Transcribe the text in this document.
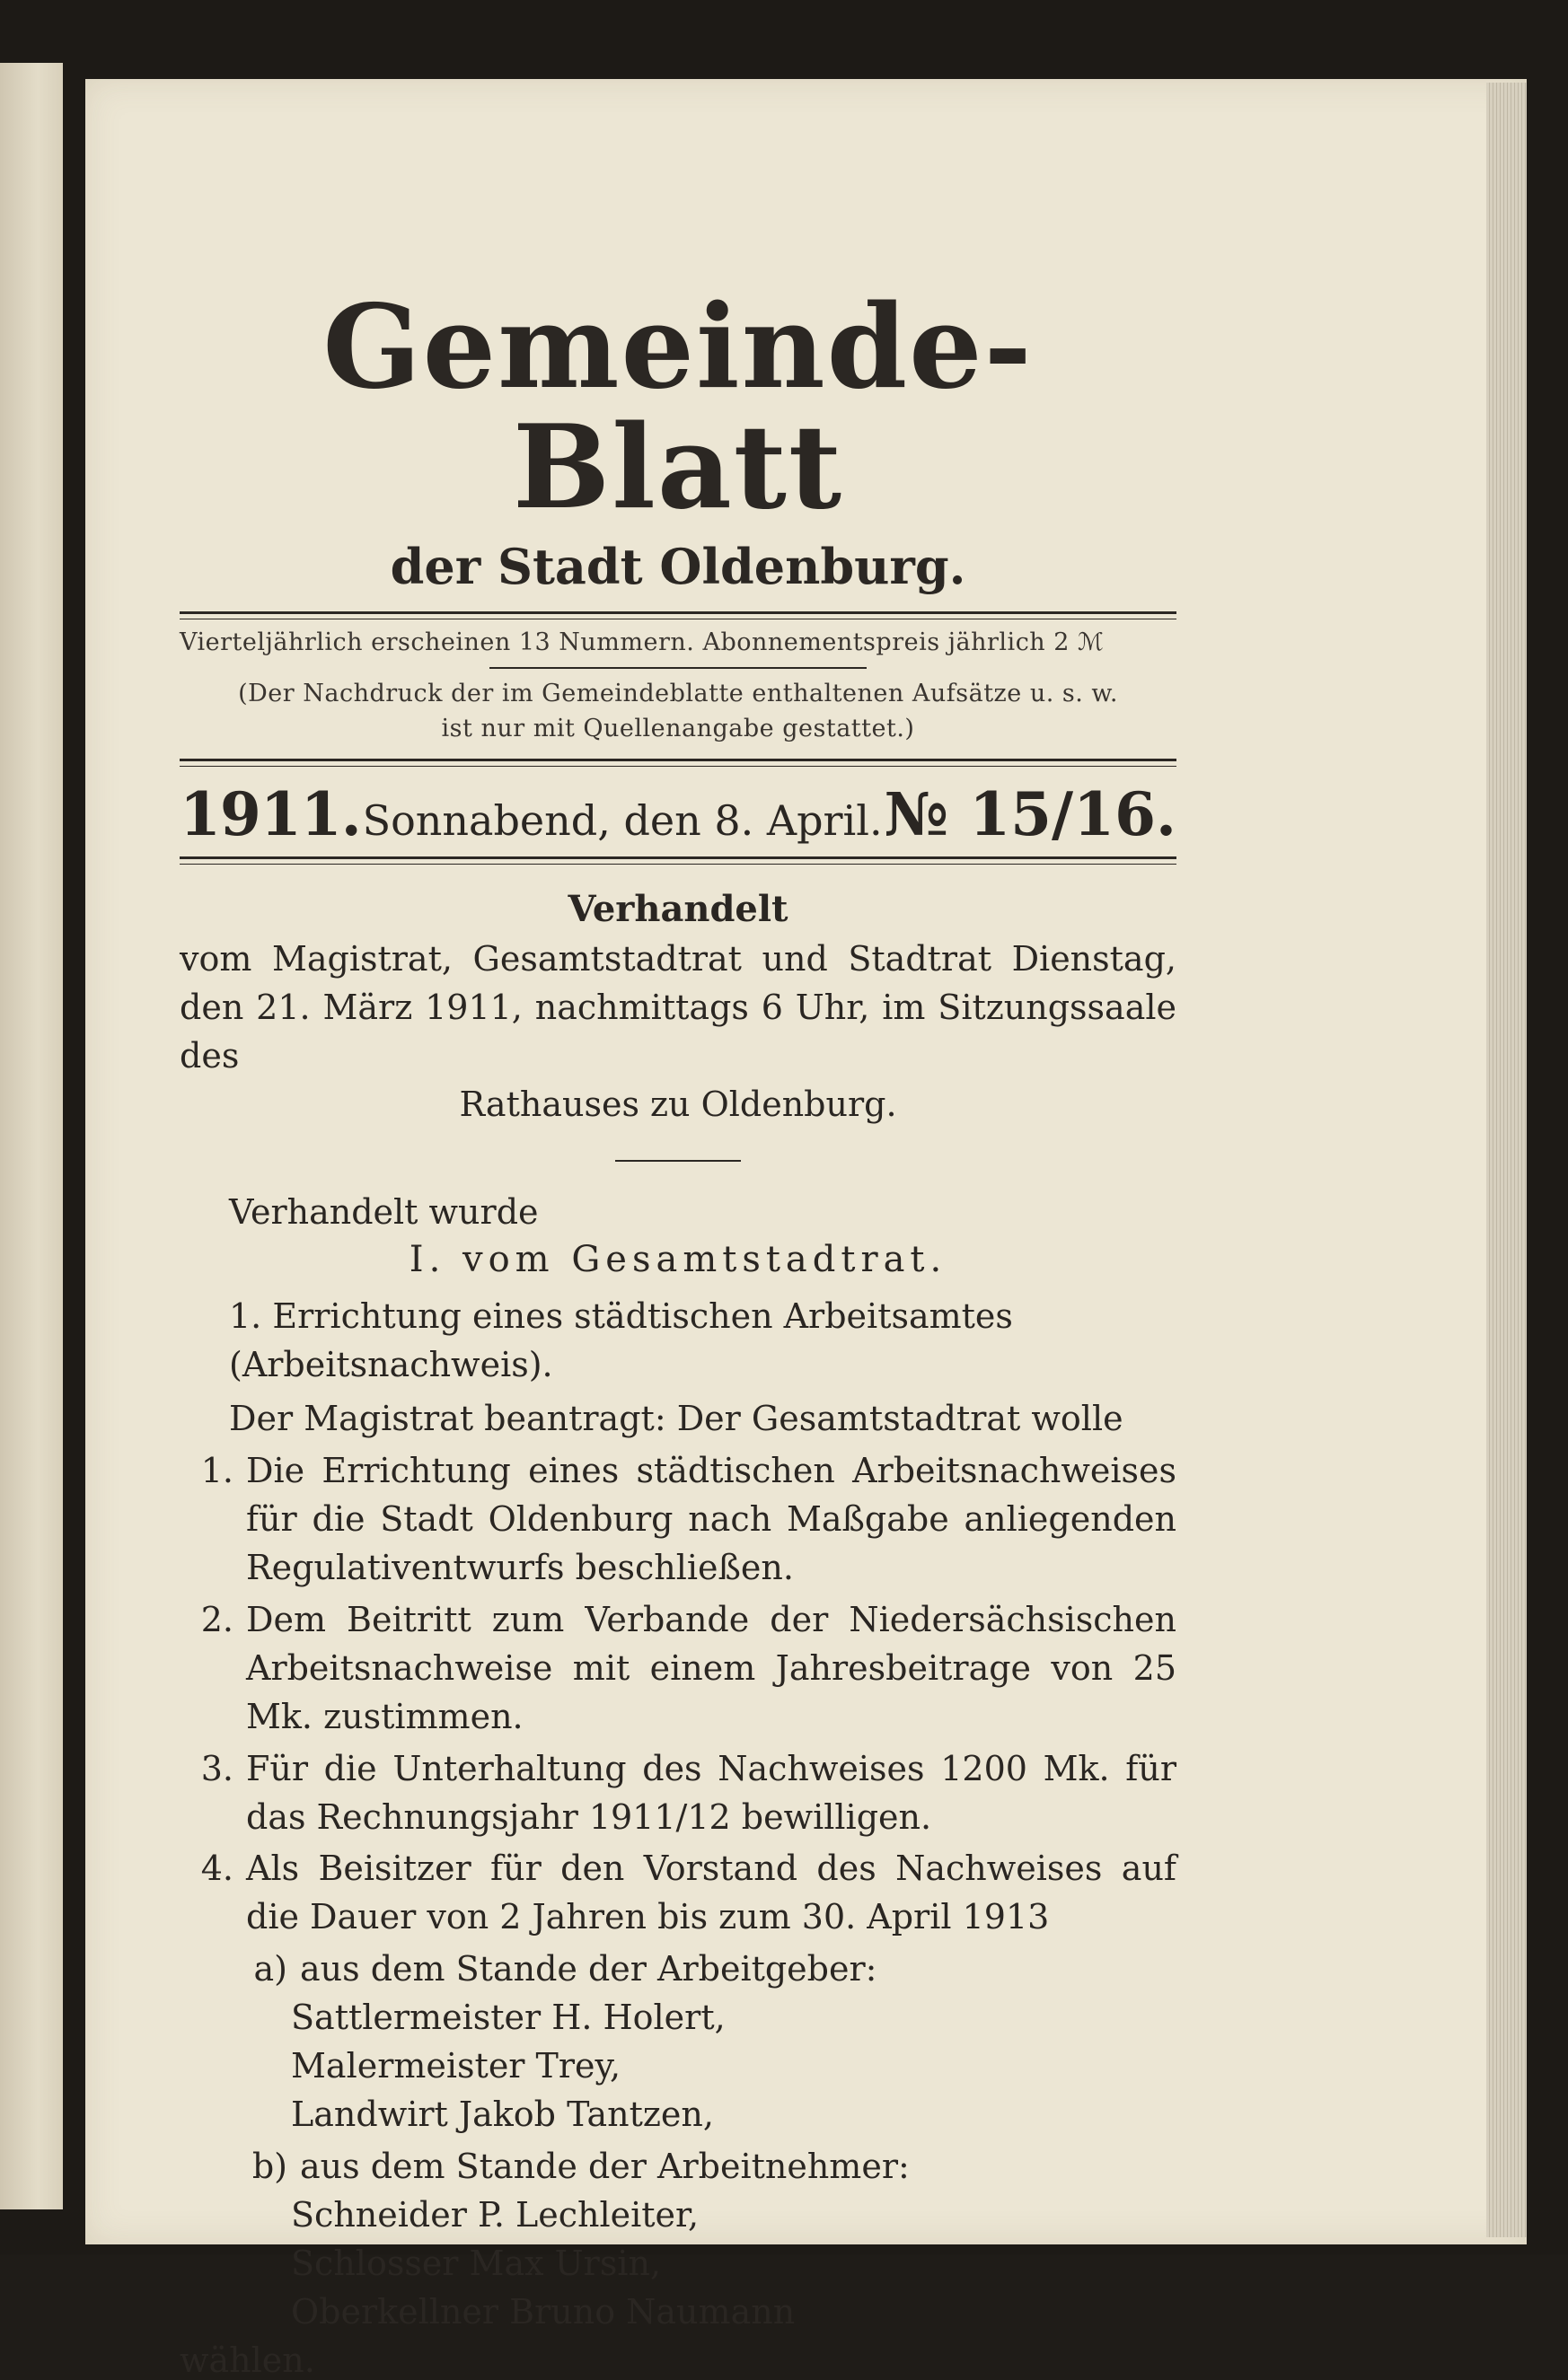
Gemeinde-Blatt
der Stadt Oldenburg.
Vierteljährlich erscheinen 13 Nummern. Abonnementspreis jährlich 2 ℳ
(Der Nachdruck der im Gemeindeblatte enthaltenen Aufsätze u. s. w.
ist nur mit Quellenangabe gestattet.)
1911. Sonnabend, den 8. April. № 15/16.
Verhandelt
vom Magistrat, Gesamtstadtrat und Stadtrat Dienstag, den 21. März 1911, nachmittags 6 Uhr, im Sitzungssaale des
Rathauses zu Oldenburg.
Verhandelt wurde
I. vom Gesamtstadtrat.
1. Errichtung eines städtischen Arbeitsamtes (Arbeitsnachweis).
Der Magistrat beantragt: Der Gesamtstadtrat wolle
1. Die Errichtung eines städtischen Arbeitsnachweises für die Stadt Oldenburg nach Maßgabe anliegenden Regulativentwurfs beschließen.
2. Dem Beitritt zum Verbande der Niedersächsischen Arbeitsnachweise mit einem Jahresbeitrage von 25 Mk. zustimmen.
3. Für die Unterhaltung des Nachweises 1200 Mk. für das Rechnungsjahr 1911/12 bewilligen.
4. Als Beisitzer für den Vorstand des Nachweises auf die Dauer von 2 Jahren bis zum 30. April 1913
a) aus dem Stande der Arbeitgeber:
Sattlermeister H. Holert,
Malermeister Trey,
Landwirt Jakob Tantzen,
b) aus dem Stande der Arbeitnehmer:
Schneider P. Lechleiter,
Schlosser Max Ursin,
Oberkellner Bruno Naumann
wählen.
